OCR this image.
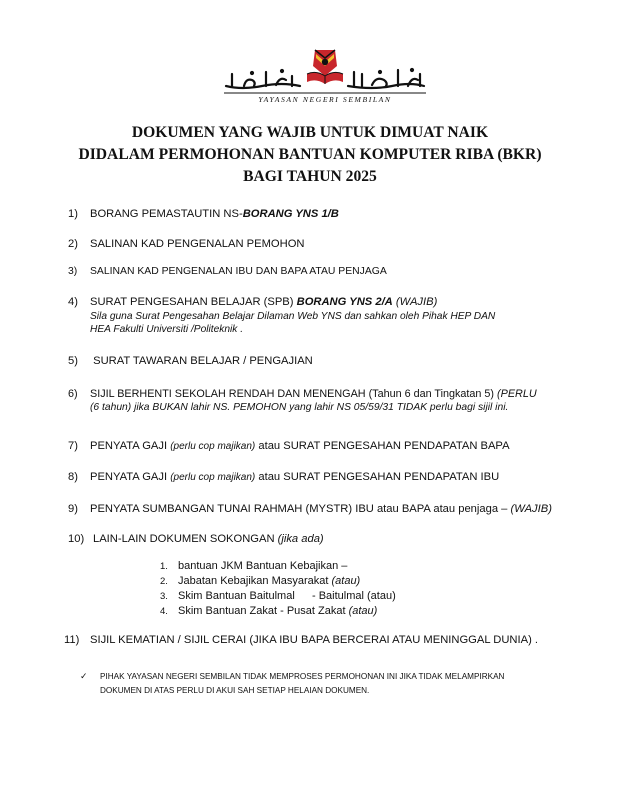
YAYASAN NEGERI SEMBILAN
DOKUMEN YANG WAJIB UNTUK DIMUAT NAIK
DIDALAM PERMOHONAN BANTUAN KOMPUTER RIBA (BKR)
BAGI TAHUN 2025
1) BORANG PEMASTAUTIN NS-BORANG YNS 1/B
2) SALINAN KAD PENGENALAN PEMOHON
3) SALINAN KAD PENGENALAN IBU DAN BAPA ATAU PENJAGA
4) SURAT PENGESAHAN BELAJAR (SPB) BORANG YNS 2/A (WAJIB)
Sila guna Surat Pengesahan Belajar Dilaman Web YNS dan sahkan oleh Pihak HEP DAN
HEA Fakulti Universiti /Politeknik .
5) SURAT TAWARAN BELAJAR / PENGAJIAN
6) SIJIL BERHENTI SEKOLAH RENDAH DAN MENENGAH (Tahun 6 dan Tingkatan 5) (PERLU
(6 tahun) jika BUKAN lahir NS. PEMOHON yang lahir NS 05/59/31 TIDAK perlu bagi sijil ini.
7) PENYATA GAJI (perlu cop majikan) atau SURAT PENGESAHAN PENDAPATAN BAPA
8) PENYATA GAJI (perlu cop majikan) atau SURAT PENGESAHAN PENDAPATAN IBU
9) PENYATA SUMBANGAN TUNAI RAHMAH (MYSTR) IBU atau BAPA atau penjaga – (WAJIB)
10) LAIN-LAIN DOKUMEN SOKONGAN (jika ada)
1. bantuan JKM Bantuan Kebajikan –
2. Jabatan Kebajikan Masyarakat (atau)
3. Skim Bantuan Baitulmal - Baitulmal (atau)
4. Skim Bantuan Zakat - Pusat Zakat (atau)
11) SIJIL KEMATIAN / SIJIL CERAI (JIKA IBU BAPA BERCERAI ATAU MENINGGAL DUNIA) .
✓ PIHAK YAYASAN NEGERI SEMBILAN TIDAK MEMPROSES PERMOHONAN INI JIKA TIDAK MELAMPIRKAN
DOKUMEN DI ATAS PERLU DI AKUI SAH SETIAP HELAIAN DOKUMEN.
